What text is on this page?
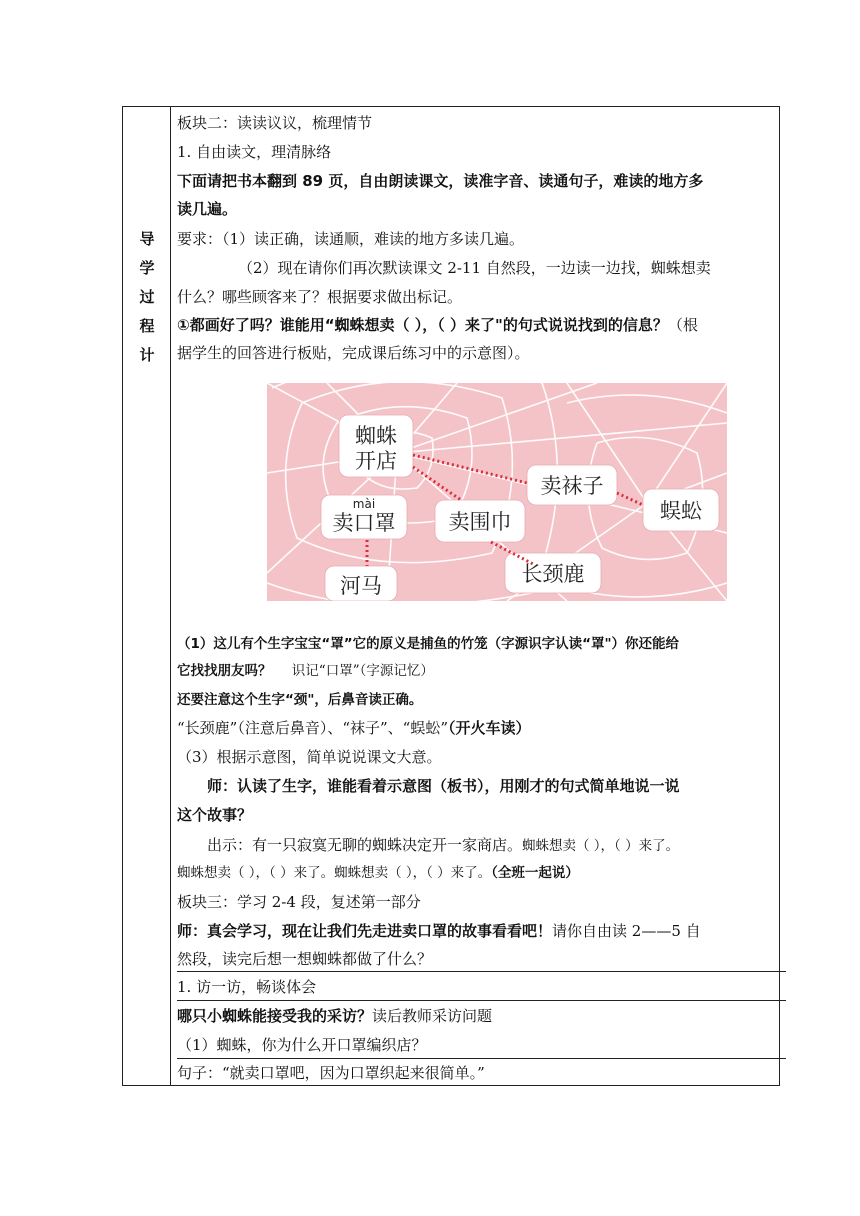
导
学
过
程
计
板块二：读读议议，梳理情节
1. 自由读文，理清脉络
下面请把书本翻到 89 页，自由朗读课文，读准字音、读通句子，难读的地方多
读几遍。
要求：（1）读正确，读通顺，难读的地方多读几遍。
（2）现在请你们再次默读课文 2-11 自然段，一边读一边找，蜘蛛想卖
什么？哪些顾客来了？根据要求做出标记。
①都画好了吗？谁能用“蜘蛛想卖（ ），（ ）来了"的句式说说找到的信息？（根
据学生的回答进行板贴，完成课后练习中的示意图）。
蜘蛛
开店
mài
卖口罩	卖围巾
卖袜子
蜈蚣
河马	长颈鹿
（1）这儿有个生字宝宝“罩”它的原义是捕鱼的竹笼（字源识字认读“罩"）你还能给
它找找朋友吗？ 识记“口罩”（字源记忆）
还要注意这个生字“颈"，后鼻音读正确。
“长颈鹿”（注意后鼻音）、“袜子”、“蜈蚣”（开火车读）
（3）根据示意图，简单说说课文大意。
师：认读了生字，谁能看着示意图（板书），用刚才的句式简单地说一说
这个故事？
出示：有一只寂寞无聊的蜘蛛决定开一家商店。蜘蛛想卖（ ），（ ）来了。
蜘蛛想卖（ ），（ ）来了。蜘蛛想卖（ ），（ ）来了。（全班一起说）
板块三：学习 2-4 段，复述第一部分
师：真会学习，现在让我们先走进卖口罩的故事看看吧！请你自由读 2——5 自
然段，读完后想一想蜘蛛都做了什么？
1. 访一访，畅谈体会
哪只小蜘蛛能接受我的采访？读后教师采访问题
（1）蜘蛛，你为什么开口罩编织店？
句子：“就卖口罩吧，因为口罩织起来很简单。”
